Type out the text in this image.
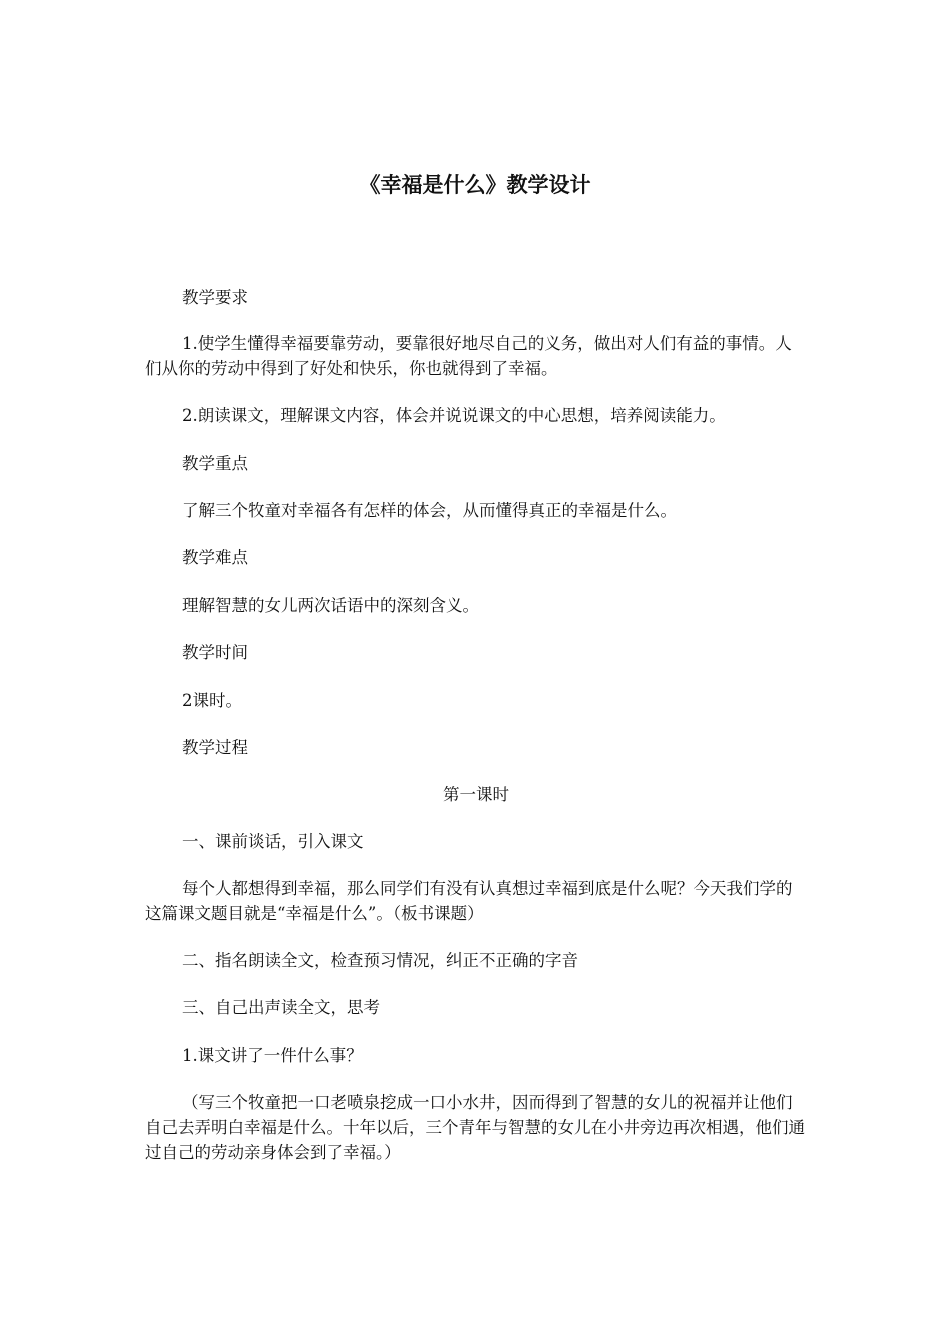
《幸福是什么》教学设计
教学要求
1.使学生懂得幸福要靠劳动，要靠很好地尽自己的义务，做出对人们有益的事情。人们从你的劳动中得到了好处和快乐，你也就得到了幸福。
2.朗读课文，理解课文内容，体会并说说课文的中心思想，培养阅读能力。
教学重点
了解三个牧童对幸福各有怎样的体会，从而懂得真正的幸福是什么。
教学难点
理解智慧的女儿两次话语中的深刻含义。
教学时间
2课时。
教学过程
第一课时
一、课前谈话，引入课文
每个人都想得到幸福，那么同学们有没有认真想过幸福到底是什么呢？今天我们学的这篇课文题目就是“幸福是什么”。（板书课题）
二、指名朗读全文，检查预习情况，纠正不正确的字音
三、自己出声读全文，思考
1.课文讲了一件什么事？
（写三个牧童把一口老喷泉挖成一口小水井，因而得到了智慧的女儿的祝福并让他们自己去弄明白幸福是什么。十年以后，三个青年与智慧的女儿在小井旁边再次相遇，他们通过自己的劳动亲身体会到了幸福。）
